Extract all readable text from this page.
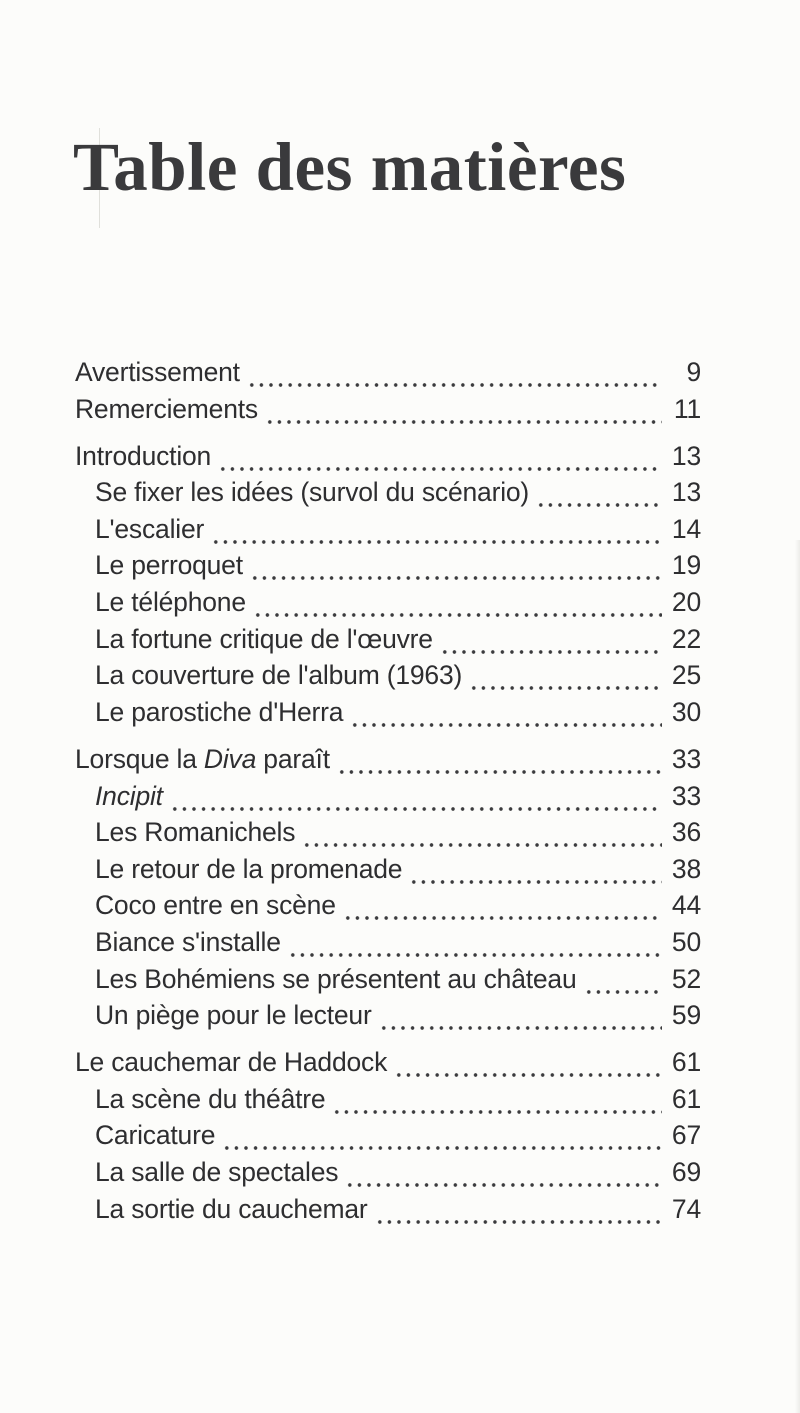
Table des matières
Avertissement	9
Remerciements	11
Introduction	13
Se fixer les idées (survol du scénario)	13
L'escalier	14
Le perroquet	19
Le téléphone	20
La fortune critique de l'œuvre	22
La couverture de l'album (1963)	25
Le parostiche d'Herra	30
Lorsque la Diva paraît	33
Incipit	33
Les Romanichels	36
Le retour de la promenade	38
Coco entre en scène	44
Biance s'installe	50
Les Bohémiens se présentent au château	52
Un piège pour le lecteur	59
Le cauchemar de Haddock	61
La scène du théâtre	61
Caricature	67
La salle de spectales	69
La sortie du cauchemar	74
